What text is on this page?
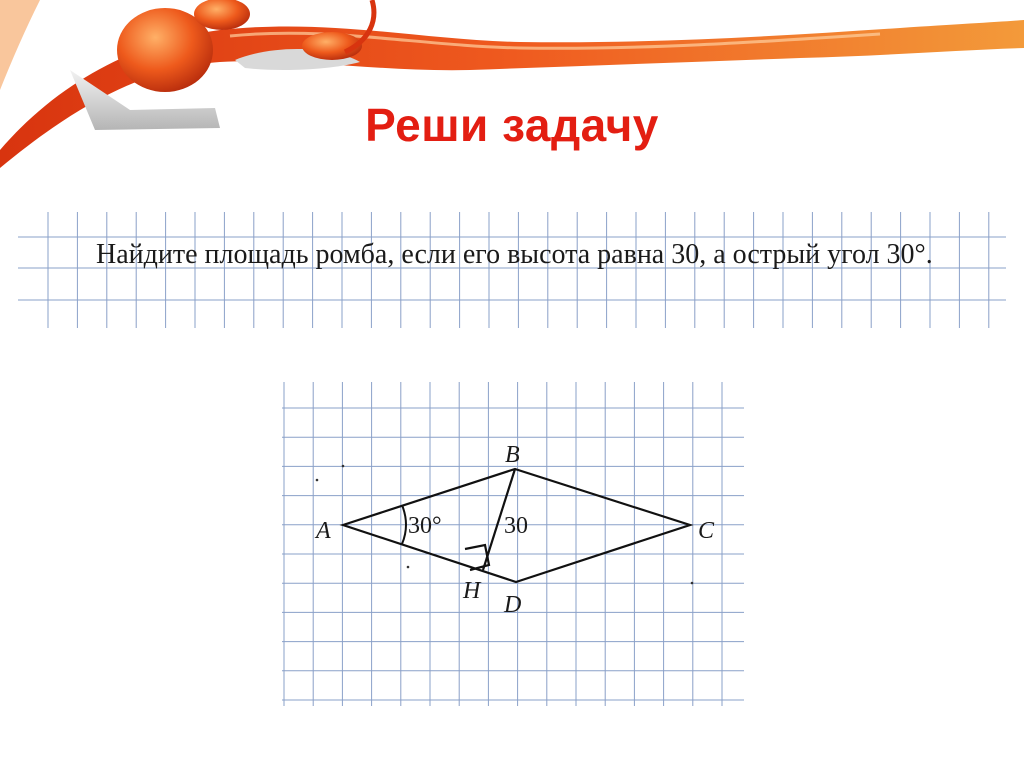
Реши задачу
Найдите площадь ромба, если его высота равна 30, а острый угол 30°.
A
B
C
D
H
30°	30
